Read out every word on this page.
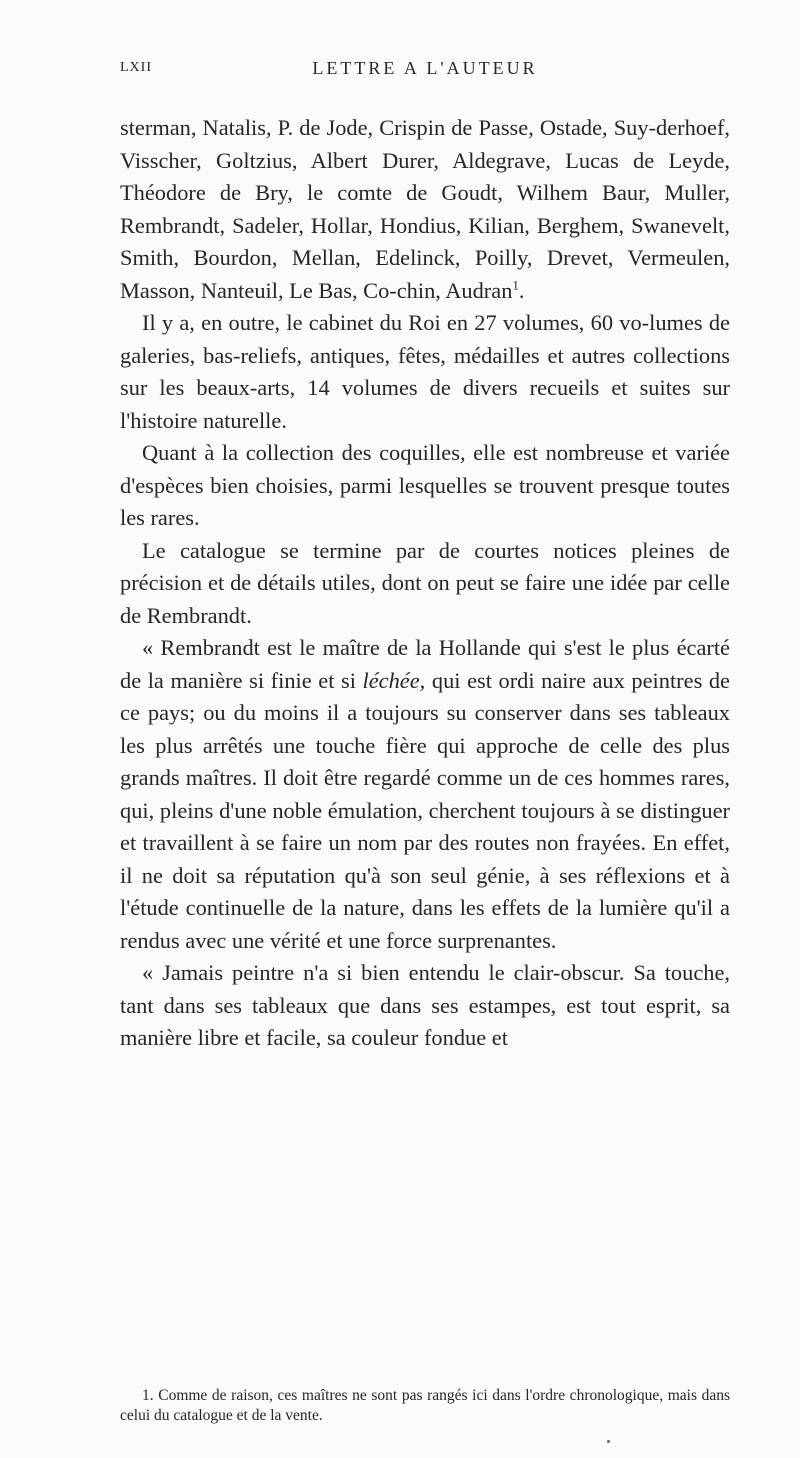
LXII	LETTRE A L'AUTEUR

sterman, Natalis, P. de Jode, Crispin de Passe, Ostade, Suy-derhoef, Visscher, Goltzius, Albert Durer, Aldegrave, Lucas de Leyde, Théodore de Bry, le comte de Goudt, Wilhem Baur, Muller, Rembrandt, Sadeler, Hollar, Hondius, Kilian, Berghem, Swanevelt, Smith, Bourdon, Mellan, Edelinck, Poilly, Drevet, Vermeulen, Masson, Nanteuil, Le Bas, Co-chin, Audran$^1$.

Il y a, en outre, le cabinet du Roi en 27 volumes, 60 vo-lumes de galeries, bas-reliefs, antiques, fêtes, médailles et autres collections sur les beaux-arts, 14 volumes de divers recueils et suites sur l'histoire naturelle.

Quant à la collection des coquilles, elle est nombreuse et variée d'espèces bien choisies, parmi lesquelles se trouvent presque toutes les rares.

Le catalogue se termine par de courtes notices pleines de précision et de détails utiles, dont on peut se faire une idée par celle de Rembrandt.

« Rembrandt est le maître de la Hollande qui s'est le plus écarté de la manière si finie et si léchée, qui est ordi naire aux peintres de ce pays; ou du moins il a toujours su conserver dans ses tableaux les plus arrêtés une touche fière qui approche de celle des plus grands maîtres. Il doit être regardé comme un de ces hommes rares, qui, pleins d'une noble émulation, cherchent toujours à se distinguer et travaillent à se faire un nom par des routes non frayées. En effet, il ne doit sa réputation qu'à son seul génie, à ses réflexions et à l'étude continuelle de la nature, dans les effets de la lumière qu'il a rendus avec une vérité et une force surprenantes.

« Jamais peintre n'a si bien entendu le clair-obscur. Sa touche, tant dans ses tableaux que dans ses estampes, est tout esprit, sa manière libre et facile, sa couleur fondue et

1. Comme de raison, ces maîtres ne sont pas rangés ici dans l'ordre chronologique, mais dans celui du catalogue et de la vente.
